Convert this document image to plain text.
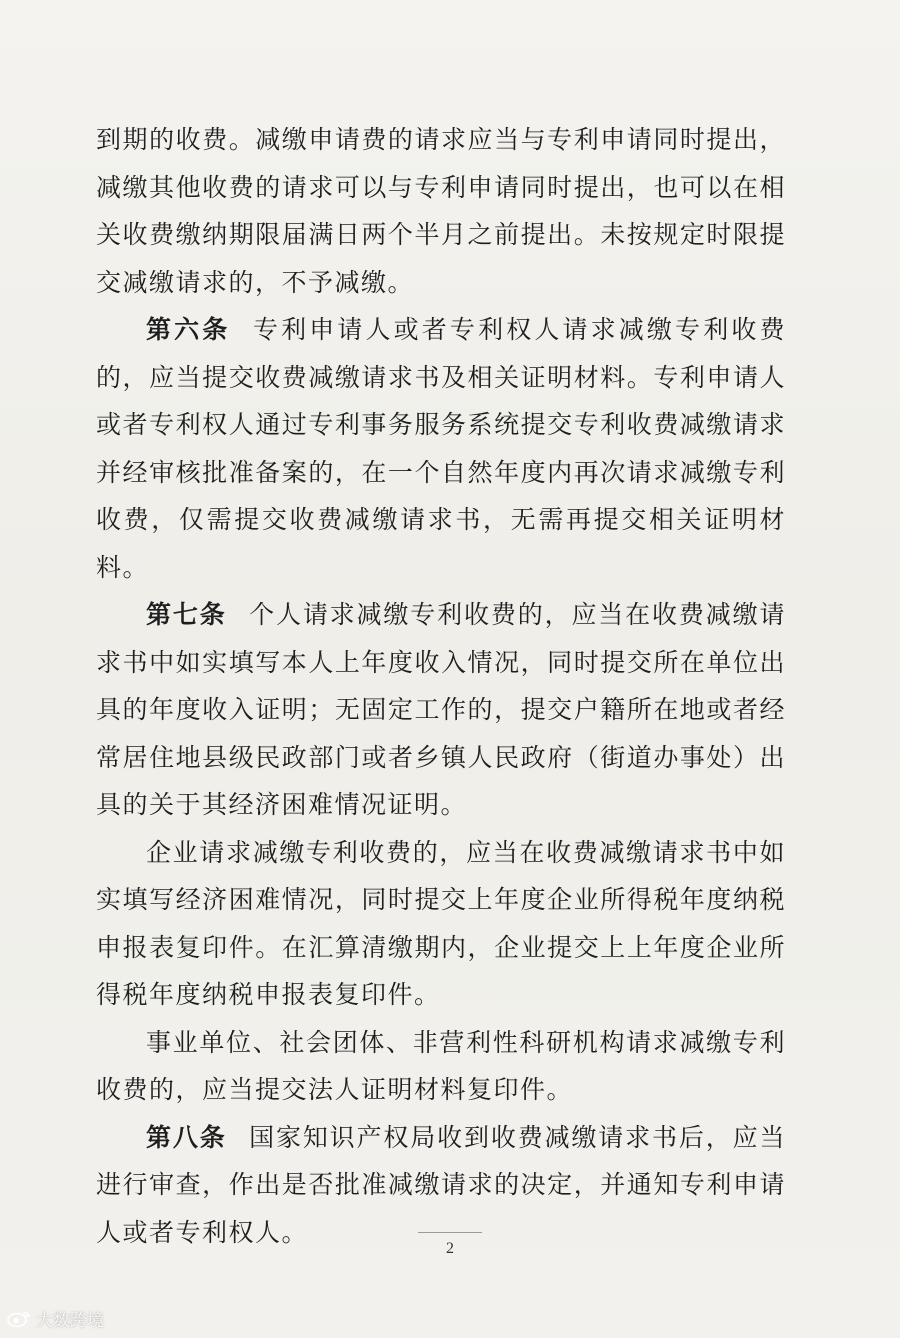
到期的收费。减缴申请费的请求应当与专利申请同时提出，减缴其他收费的请求可以与专利申请同时提出，也可以在相关收费缴纳期限届满日两个半月之前提出。未按规定时限提交减缴请求的，不予减缴。

第六条 专利申请人或者专利权人请求减缴专利收费的，应当提交收费减缴请求书及相关证明材料。专利申请人或者专利权人通过专利事务服务系统提交专利收费减缴请求并经审核批准备案的，在一个自然年度内再次请求减缴专利收费，仅需提交收费减缴请求书，无需再提交相关证明材料。

第七条 个人请求减缴专利收费的，应当在收费减缴请求书中如实填写本人上年度收入情况，同时提交所在单位出具的年度收入证明；无固定工作的，提交户籍所在地或者经常居住地县级民政部门或者乡镇人民政府（街道办事处）出具的关于其经济困难情况证明。

企业请求减缴专利收费的，应当在收费减缴请求书中如实填写经济困难情况，同时提交上年度企业所得税年度纳税申报表复印件。在汇算清缴期内，企业提交上上年度企业所得税年度纳税申报表复印件。

事业单位、社会团体、非营利性科研机构请求减缴专利收费的，应当提交法人证明材料复印件。

第八条 国家知识产权局收到收费减缴请求书后，应当进行审查，作出是否批准减缴请求的决定，并通知专利申请人或者专利权人。

2
大数跨境
